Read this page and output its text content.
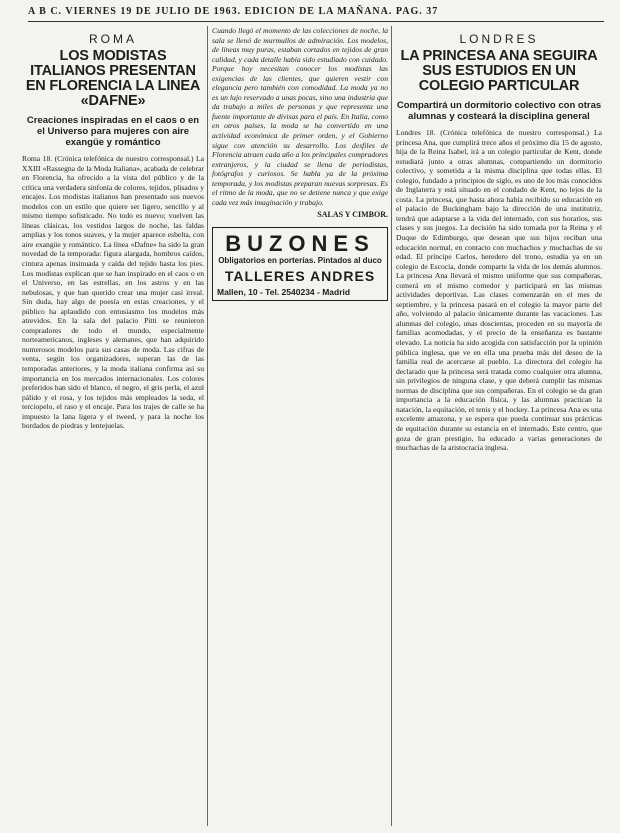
A B C. VIERNES 19 DE JULIO DE 1963. EDICION DE LA MAÑANA. PAG. 37
ROMA
LOS MODISTAS ITALIANOS PRESENTAN EN FLORENCIA LA LINEA «DAFNE»
Creaciones inspiradas en el caos o en el Universo para mujeres con aire exangüe y romántico

Roma 18. (Crónica telefónica de nuestro corresponsal.) La XXIII «Rassegna de la Moda Italiana», acabada de celebrar en Florencia, ha ofrecido a la vista del público y de la crítica una verdadera sinfonía de colores, tejidos, plisados y encajes. Los modistas italianos han presentado sus nuevos modelos con un estilo que quiere ser ligero, sencillo y al mismo tiempo sofisticado. No todo es nuevo; vuelven las líneas clásicas, los vestidos largos de noche, las faldas amplias y los tonos suaves, y la mujer aparece esbelta, con aire exangüe y romántico. La línea «Dafne» ha sido la gran novedad de la temporada: figura alargada, hombros caídos, cintura apenas insinuada y caída del tejido hasta los pies. Los modistas explican que se han inspirado en el caos o en el Universo, en las estrellas, en los astros y en las nebulosas, y que han querido crear una mujer casi irreal. Sin duda, hay algo de poesía en estas creaciones, y el público ha aplaudido con entusiasmo los modelos más atrevidos. En la sala del palacio Pitti se reunieron compradores de todo el mundo, especialmente norteamericanos, ingleses y alemanes, que han adquirido numerosos modelos para sus casas de moda. Las cifras de venta, según los organizadores, superan las de las temporadas anteriores, y la moda italiana confirma así su importancia en los mercados internacionales. Los colores preferidos han sido el blanco, el negro, el gris perla, el azul pálido y el rosa, y los tejidos más empleados la seda, el terciopelo, el raso y el encaje. Para los trajes de calle se ha impuesto la lana ligera y el tweed, y para la noche los bordados de piedras y lentejuelas.

Cuando llegó el momento de las colecciones de noche, la sala se llenó de murmullos de admiración. Los modelos, de líneas muy puras, estaban cortados en tejidos de gran calidad, y cada detalle había sido estudiado con cuidado. Porque hoy necesitan conocer los modistas las exigencias de las clientes, que quieren vestir con elegancia pero también con comodidad. La moda ya no es un lujo reservado a unas pocas, sino una industria que da trabajo a miles de personas y que representa una fuente importante de divisas para el país. En Italia, como en otros países, la moda se ha convertido en una actividad económica de primer orden, y el Gobierno sigue con atención su desarrollo. Los desfiles de Florencia atraen cada año a los principales compradores extranjeros, y la ciudad se llena de periodistas, fotógrafos y curiosos. Se habla ya de la próxima temporada, y los modistas preparan nuevas sorpresas. Es el ritmo de la moda, que no se detiene nunca y que exige cada vez más imaginación y trabajo.

SALAS Y CIMBOR.
BUZONES
Obligatorios en porterías. Pintados al duco
TALLERES ANDRES
Mallen, 10 - Tel. 2540234 - Madrid
LONDRES
LA PRINCESA ANA SEGUIRA SUS ESTUDIOS EN UN COLEGIO PARTICULAR
Compartirá un dormitorio colectivo con otras alumnas y costeará la disciplina general

Londres 18. (Crónica telefónica de nuestro corresponsal.) La princesa Ana, que cumplirá trece años el próximo día 15 de agosto, hija de la Reina Isabel, irá a un colegio particular de Kent, donde estudiará junto a otras alumnas, compartiendo un dormitorio colectivo, y sometida a la misma disciplina que todas ellas. El colegio, fundado a principios de siglo, es uno de los más conocidos de Inglaterra y está situado en el condado de Kent, no lejos de la costa. La princesa, que hasta ahora había recibido su educación en el palacio de Buckingham bajo la dirección de una institutriz, tendrá que adaptarse a la vida del internado, con sus horarios, sus clases y sus juegos. La decisión ha sido tomada por la Reina y el Duque de Edimburgo, que desean que sus hijos reciban una educación normal, en contacto con muchachos y muchachas de su edad. El príncipe Carlos, heredero del trono, estudia ya en un colegio de Escocia, donde comparte la vida de los demás alumnos. La princesa Ana llevará el mismo uniforme que sus compañeras, comerá en el mismo comedor y participará en las mismas actividades deportivas. Las clases comenzarán en el mes de septiembre, y la princesa pasará en el colegio la mayor parte del año, volviendo al palacio únicamente durante las vacaciones. Las alumnas del colegio, unas doscientas, proceden en su mayoría de familias acomodadas, y el precio de la enseñanza es bastante elevado. La noticia ha sido acogida con satisfacción por la opinión pública inglesa, que ve en ella una prueba más del deseo de la familia real de acercarse al pueblo. La directora del colegio ha declarado que la princesa será tratada como cualquier otra alumna, sin privilegios de ninguna clase, y que deberá cumplir las mismas normas de disciplina que sus compañeras. En el colegio se da gran importancia a la educación física, y las alumnas practican la natación, la equitación, el tenis y el hockey. La princesa Ana es una excelente amazona, y se espera que pueda continuar sus prácticas de equitación durante su estancia en el internado. Este centro, que goza de gran prestigio, ha educado a varias generaciones de muchachas de la aristocracia inglesa.
